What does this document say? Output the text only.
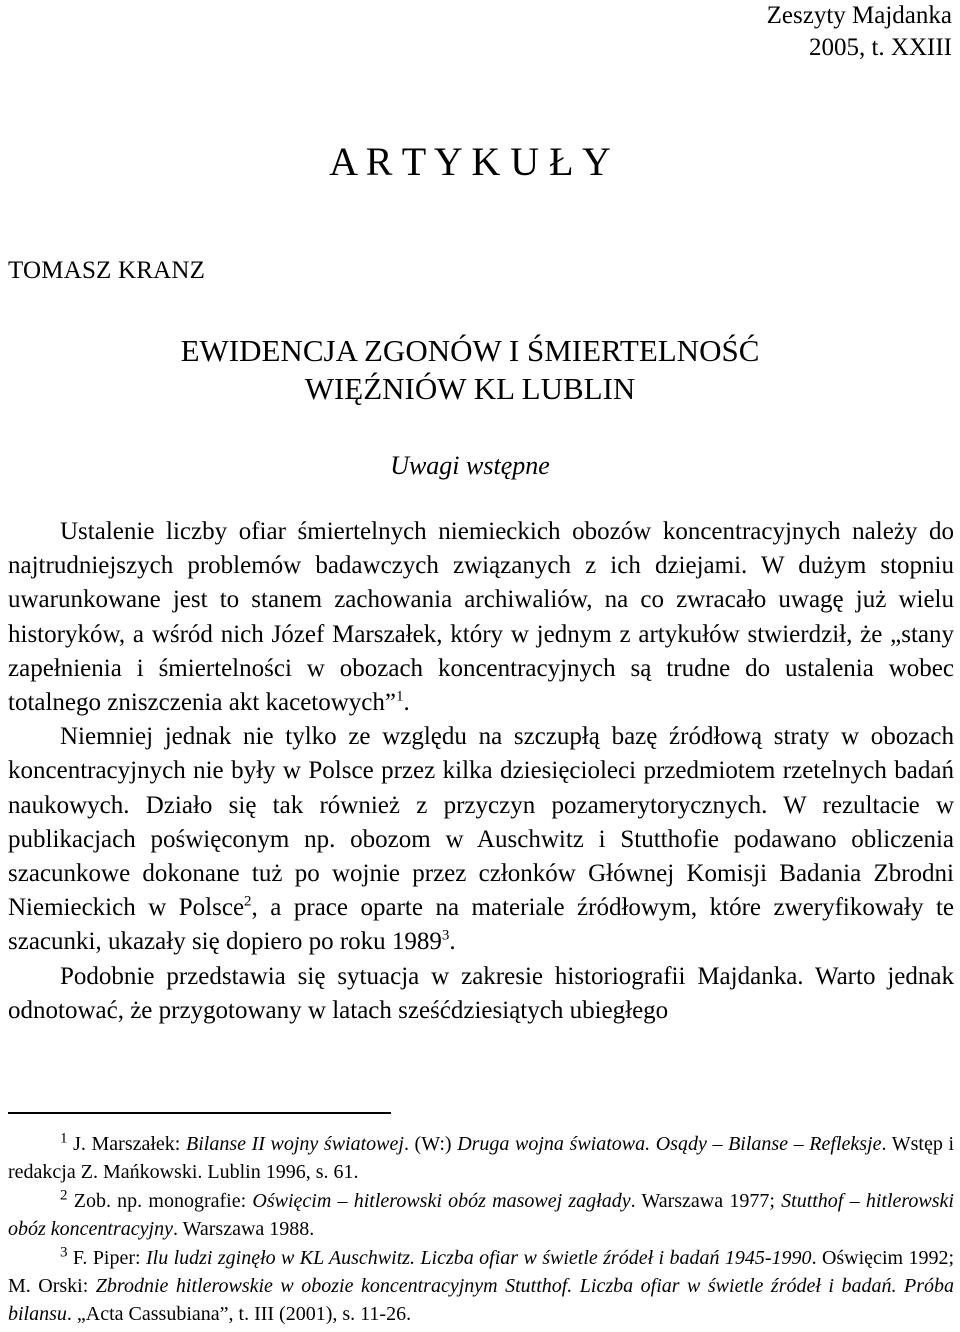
Zeszyty Majdanka
2005, t. XXIII
A R T Y K U Ł Y
TOMASZ KRANZ
EWIDENCJA ZGONÓW I ŚMIERTELNOŚĆ
WIĘŹNIÓW KL LUBLIN
Uwagi wstępne

Ustalenie liczby ofiar śmiertelnych niemieckich obozów koncentracyjnych należy do najtrudniejszych problemów badawczych związanych z ich dziejami. W dużym stopniu uwarunkowane jest to stanem zachowania archiwaliów, na co zwracało uwagę już wielu historyków, a wśród nich Józef Marszałek, który w jednym z artykułów stwierdził, że „stany zapełnienia i śmiertelności w obozach koncentracyjnych są trudne do ustalenia wobec totalnego zniszczenia akt kacetowych”$^1$.

Niemniej jednak nie tylko ze względu na szczupłą bazę źródłową straty w obozach koncentracyjnych nie były w Polsce przez kilka dziesięcioleci przedmiotem rzetelnych badań naukowych. Działo się tak również z przyczyn pozamerytorycznych. W rezultacie w publikacjach poświęconym np. obozom w Auschwitz i Stutthofie podawano obliczenia szacunkowe dokonane tuż po wojnie przez członków Głównej Komisji Badania Zbrodni Niemieckich w Polsce$^2$, a prace oparte na materiale źródłowym, które zweryfikowały te szacunki, ukazały się dopiero po roku 1989$^3$.

Podobnie przedstawia się sytuacja w zakresie historiografii Majdanka. Warto jednak odnotować, że przygotowany w latach sześćdziesiątych ubiegłego

$^1$ J. Marszałek: Bilanse II wojny światowej. (W:) Druga wojna światowa. Osądy – Bilanse – Refleksje. Wstęp i redakcja Z. Mańkowski. Lublin 1996, s. 61.

$^2$ Zob. np. monografie: Oświęcim – hitlerowski obóz masowej zagłady. Warszawa 1977; Stutthof – hitlerowski obóz koncentracyjny. Warszawa 1988.

$^3$ F. Piper: Ilu ludzi zginęło w KL Auschwitz. Liczba ofiar w świetle źródeł i badań 1945-1990. Oświęcim 1992; M. Orski: Zbrodnie hitlerowskie w obozie koncentracyjnym Stutthof. Liczba ofiar w świetle źródeł i badań. Próba bilansu. „Acta Cassubiana”, t. III (2001), s. 11-26.
